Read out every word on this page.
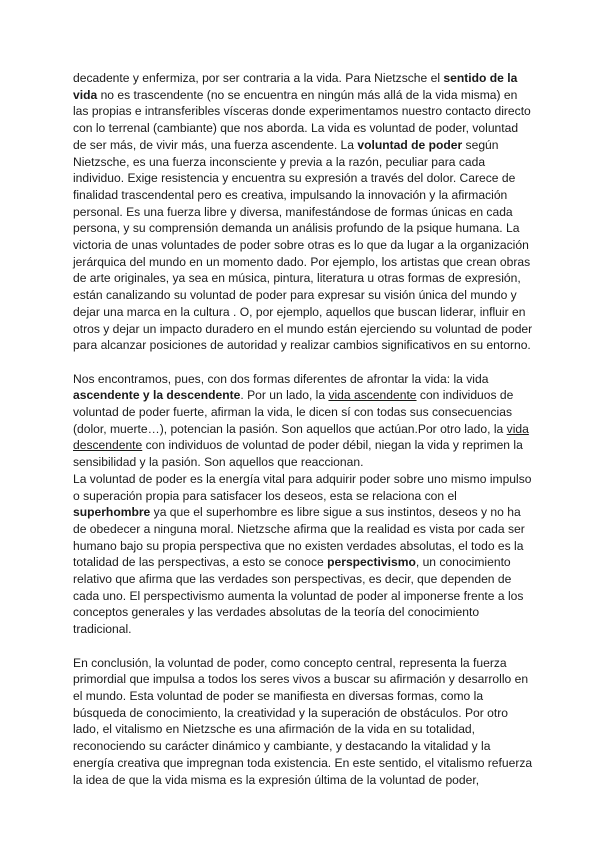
decadente y enfermiza, por ser contraria a la vida. Para Nietzsche el sentido de la vida no es trascendente (no se encuentra en ningún más allá de la vida misma) en las propias e intransferibles vísceras donde experimentamos nuestro contacto directo con lo terrenal (cambiante) que nos aborda. La vida es voluntad de poder, voluntad de ser más, de vivir más, una fuerza ascendente. La voluntad de poder según Nietzsche, es una fuerza inconsciente y previa a la razón, peculiar para cada individuo. Exige resistencia y encuentra su expresión a través del dolor. Carece de finalidad trascendental pero es creativa, impulsando la innovación y la afirmación personal. Es una fuerza libre y diversa, manifestándose de formas únicas en cada persona, y su comprensión demanda un análisis profundo de la psique humana. La victoria de unas voluntades de poder sobre otras es lo que da lugar a la organización jerárquica del mundo en un momento dado. Por ejemplo, los artistas que crean obras de arte originales, ya sea en música, pintura, literatura u otras formas de expresión, están canalizando su voluntad de poder para expresar su visión única del mundo y dejar una marca en la cultura . O, por ejemplo, aquellos que buscan liderar, influir en otros y dejar un impacto duradero en el mundo están ejerciendo su voluntad de poder para alcanzar posiciones de autoridad y realizar cambios significativos en su entorno.

Nos encontramos, pues, con dos formas diferentes de afrontar la vida: la vida ascendente y la descendente. Por un lado, la vida ascendente con individuos de voluntad de poder fuerte, afirman la vida, le dicen sí con todas sus consecuencias (dolor, muerte…), potencian la pasión. Son aquellos que actúan.Por otro lado, la vida descendente con individuos de voluntad de poder débil, niegan la vida y reprimen la sensibilidad y la pasión. Son aquellos que reaccionan.

La voluntad de poder es la energía vital para adquirir poder sobre uno mismo impulso o superación propia para satisfacer los deseos, esta se relaciona con el superhombre ya que el superhombre es libre sigue a sus instintos, deseos y no ha de obedecer a ninguna moral. Nietzsche afirma que la realidad es vista por cada ser humano bajo su propia perspectiva que no existen verdades absolutas, el todo es la totalidad de las perspectivas, a esto se conoce perspectivismo, un conocimiento relativo que afirma que las verdades son perspectivas, es decir, que dependen de cada uno. El perspectivismo aumenta la voluntad de poder al imponerse frente a los conceptos generales y las verdades absolutas de la teoría del conocimiento tradicional.

En conclusión, la voluntad de poder, como concepto central, representa la fuerza primordial que impulsa a todos los seres vivos a buscar su afirmación y desarrollo en el mundo. Esta voluntad de poder se manifiesta en diversas formas, como la búsqueda de conocimiento, la creatividad y la superación de obstáculos. Por otro lado, el vitalismo en Nietzsche es una afirmación de la vida en su totalidad, reconociendo su carácter dinámico y cambiante, y destacando la vitalidad y la energía creativa que impregnan toda existencia. En este sentido, el vitalismo refuerza la idea de que la vida misma es la expresión última de la voluntad de poder,
